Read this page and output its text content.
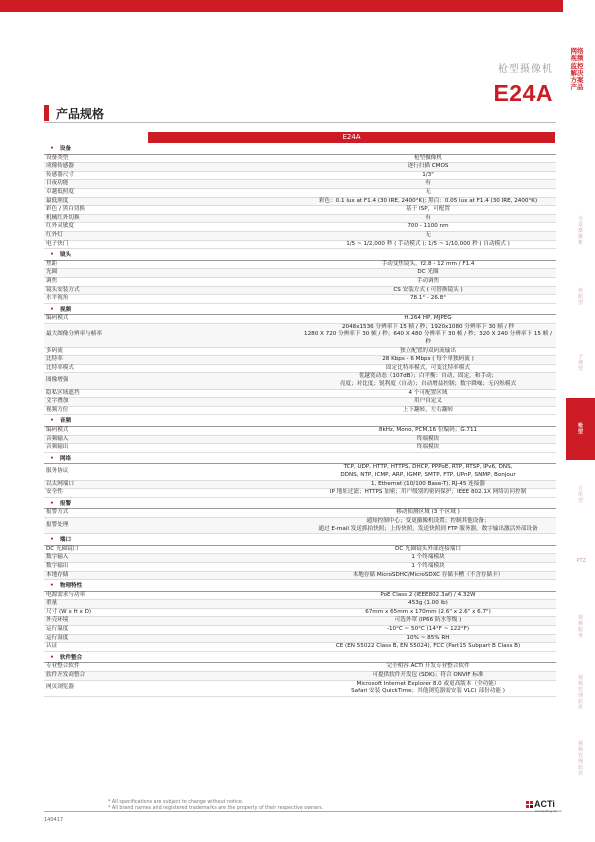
网络视频监控解决方案产品
全景摄像机
鱼眼型
子弹型
枪型
方块型
PTZ
视频服务
视频管理软件
视频管理软件
枪型摄像机
E24A
产品规格
E24A
• 设备	
设备类型	枪型摄像机

成像传感器	逐行扫描 CMOS

传感器尺寸	1/3"

日夜功能	有

卓越低照度	无

最低照度	彩色：0.1 lux at F1.4 (30 IRE, 2400°K); 黑白：0.05 lux at F1.4 (30 IRE, 2400°K)

彩色 / 黑白切换	基于 ISP，可配置

机械红外切换	有

红外灵敏度	700 - 1100 nm

红外灯	无

电子快门	1/5 ~ 1/2,000 秒 ( 手动模式 ); 1/5 ~ 1/10,000 秒 ( 自动模式 )

• 镜头	
焦距	手动变焦镜头，f2.8 - 12 mm / F1.4

光圈	DC 光圈

调焦	手动调焦

镜头安装方式	CS 安装方式 ( 可替换镜头 )

水平视角	78.1° - 26.8°

• 视频	
编码模式	H.264 HP, MJPEG

最大图像分辨率与帧率	2048x1536 分辨率下 15 帧 / 秒；1920x1080 分辨率下 30 帧 / 秒
1280 X 720 分辨率下 30 帧 / 秒；640 X 480 分辨率下 30 帧 / 秒；320 X 240 分辨率下 15 帧 / 秒

多码流	独立配置的双码流输出

比特率	28 Kbps - 6 Mbps ( 每个单独码流 )

比特率模式	固定比特率模式，可变比特率模式

图像增强	优越宽动态（107dB）；白平衡：自动，固定，和手动；
亮度；对比度；锐利度（自动）；自动增益控制；数字降噪；无闪烁模式

隐私区域遮挡	4 个可配置区域

文字叠加	用户自定义

视频方位	上下翻转，左右翻转

• 音频	
编码模式	8kHz, Mono, PCM,16 位编码；G.711

音频输入	终端模块

音频输出	终端模块

• 网络	
服务协议	TCP, UDP, HTTP, HTTPS, DHCP, PPPoE, RTP, RTSP, IPv6, DNS,
DDNS, NTP, ICMP, ARP, IGMP, SMTP, FTP, UPnP, SNMP, Bonjour

以太网端口	1, Ethernet (10/100 Base-T), RJ-45 连接器

安全性	IP 地址过滤；HTTPS 加密；用户级别的密码保护；IEEE 802.1X 网络访问控制

• 报警	
报警方式	移动侦测区域 (3 个区域 )

报警处理	通知控制中心；变更摄像机设置；控制其他设备；
通过 E-mail 发送抓拍快照；上传快照，发送快照到 FTP 服务器，数字输出激活外部设备

• 端口	
DC 光圈镜口	DC 光圈镜头外部连接端口

数字输入	1 个终端模块

数字输出	1 个终端模块

本地存储	本地存储 MicroSDHC/MicroSDXC 存储卡槽（不含存储卡）

• 物理特性	
电源需求与功率	PoE Class 2 (IEEE802.3af) / 4.32W

重量	453g (1.00 lb)

尺寸 (W x H x D)	67mm x 65mm x 170mm (2.6" x 2.6" x 6.7")

外壳环境	可选外罩 (IP66 防水等级 )

运行温度	-10°C ~ 50°C (14°F ~ 122°F)

运行湿度	10% ~ 85% RH

认证	CE (EN 55022 Class B, EN 55024), FCC (Part15 Subpart B Class B)

• 软件整合	
专业整合软件	完全相容 ACTi 开发专业整合软件

软件开发商整合	可提供软件开发包 (SDK)；符合 ONVIF 标准

网页浏览器	Microsoft Internet Explorer 8.0 或更高版本（全功能）
Safari 安装 QuickTime；其他浏览器需安装 VLC( 部份功能 )
* All specifications are subject to change without notice.
* All brand names and registered trademarks are the property of their respective owners.
140417
ACTi
Connecting Vision
